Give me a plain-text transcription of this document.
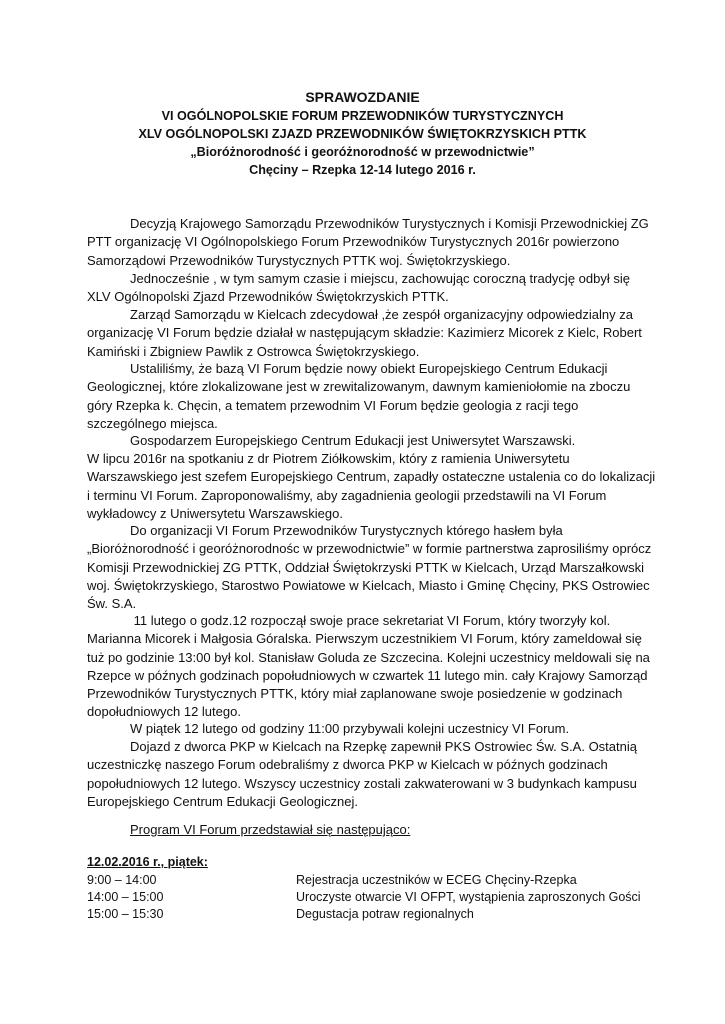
SPRAWOZDANIE
VI OGÓLNOPOLSKIE FORUM PRZEWODNIKÓW TURYSTYCZNYCH
XLV OGÓLNOPOLSKI ZJAZD PRZEWODNIKÓW ŚWIĘTOKRZYSKICH PTTK
„Bioróżnorodność i georóżnorodność w przewodnictwie”
Chęciny – Rzepka 12-14 lutego 2016 r.

Decyzją Krajowego Samorządu Przewodników Turystycznych i Komisji Przewodnickiej ZG PTT organizację VI Ogólnopolskiego Forum Przewodników Turystycznych 2016r powierzono Samorządowi Przewodników Turystycznych PTTK woj. Świętokrzyskiego.

Jednocześnie , w tym samym czasie i miejscu, zachowując coroczną tradycję odbył się XLV Ogólnopolski Zjazd Przewodników Świętokrzyskich PTTK.

Zarząd Samorządu w Kielcach zdecydował ,że zespół organizacyjny odpowiedzialny za organizację VI Forum będzie działał w następującym składzie: Kazimierz Micorek z Kielc, Robert Kamiński i Zbigniew Pawlik z Ostrowca Świętokrzyskiego.

Ustaliliśmy, że bazą VI Forum będzie nowy obiekt Europejskiego Centrum Edukacji Geologicznej, które zlokalizowane jest w zrewitalizowanym, dawnym kamieniołomie na zboczu góry Rzepka k. Chęcin, a tematem przewodnim VI Forum będzie geologia z racji tego szczególnego miejsca.

Gospodarzem Europejskiego Centrum Edukacji jest Uniwersytet Warszawski.

W lipcu 2016r na spotkaniu z dr Piotrem Ziółkowskim, który z ramienia Uniwersytetu Warszawskiego jest szefem Europejskiego Centrum, zapadły ostateczne ustalenia co do lokalizacji i terminu VI Forum. Zaproponowaliśmy, aby zagadnienia geologii przedstawili na VI Forum wykładowcy z Uniwersytetu Warszawskiego.

Do organizacji VI Forum Przewodników Turystycznych którego hasłem była „Bioróżnorodność i georóżnorodnośc w przewodnictwie” w formie partnerstwa zaprosiliśmy oprócz Komisji Przewodnickiej ZG PTTK, Oddział Świętokrzyski PTTK w Kielcach, Urząd Marszałkowski woj. Świętokrzyskiego, Starostwo Powiatowe w Kielcach, Miasto i Gminę Chęciny, PKS Ostrowiec Św. S.A.

11 lutego o godz.12 rozpoczął swoje prace sekretariat VI Forum, który tworzyły kol. Marianna Micorek i Małgosia Góralska. Pierwszym uczestnikiem VI Forum, który zameldował się tuż po godzinie 13:00 był kol. Stanisław Goluda ze Szczecina. Kolejni uczestnicy meldowali się na Rzepce w późnych godzinach popołudniowych w czwartek 11 lutego min. cały Krajowy Samorząd Przewodników Turystycznych PTTK, który miał zaplanowane swoje posiedzenie w godzinach dopołudniowych 12 lutego.

W piątek 12 lutego od godziny 11:00 przybywali kolejni uczestnicy VI Forum.

Dojazd z dworca PKP w Kielcach na Rzepkę zapewnił PKS Ostrowiec Św. S.A. Ostatnią uczestniczkę naszego Forum odebraliśmy z dworca PKP w Kielcach w późnych godzinach popołudniowych 12 lutego. Wszyscy uczestnicy zostali zakwaterowani w 3 budynkach kampusu Europejskiego Centrum Edukacji Geologicznej.

Program VI Forum przedstawiał się następująco:
12.02.2016 r., piątek:
9:00 – 14:00	Rejestracja uczestników w ECEG Chęciny-Rzepka
14:00 – 15:00	Uroczyste otwarcie VI OFPT, wystąpienia zaproszonych Gości
15:00 – 15:30	Degustacja potraw regionalnych
